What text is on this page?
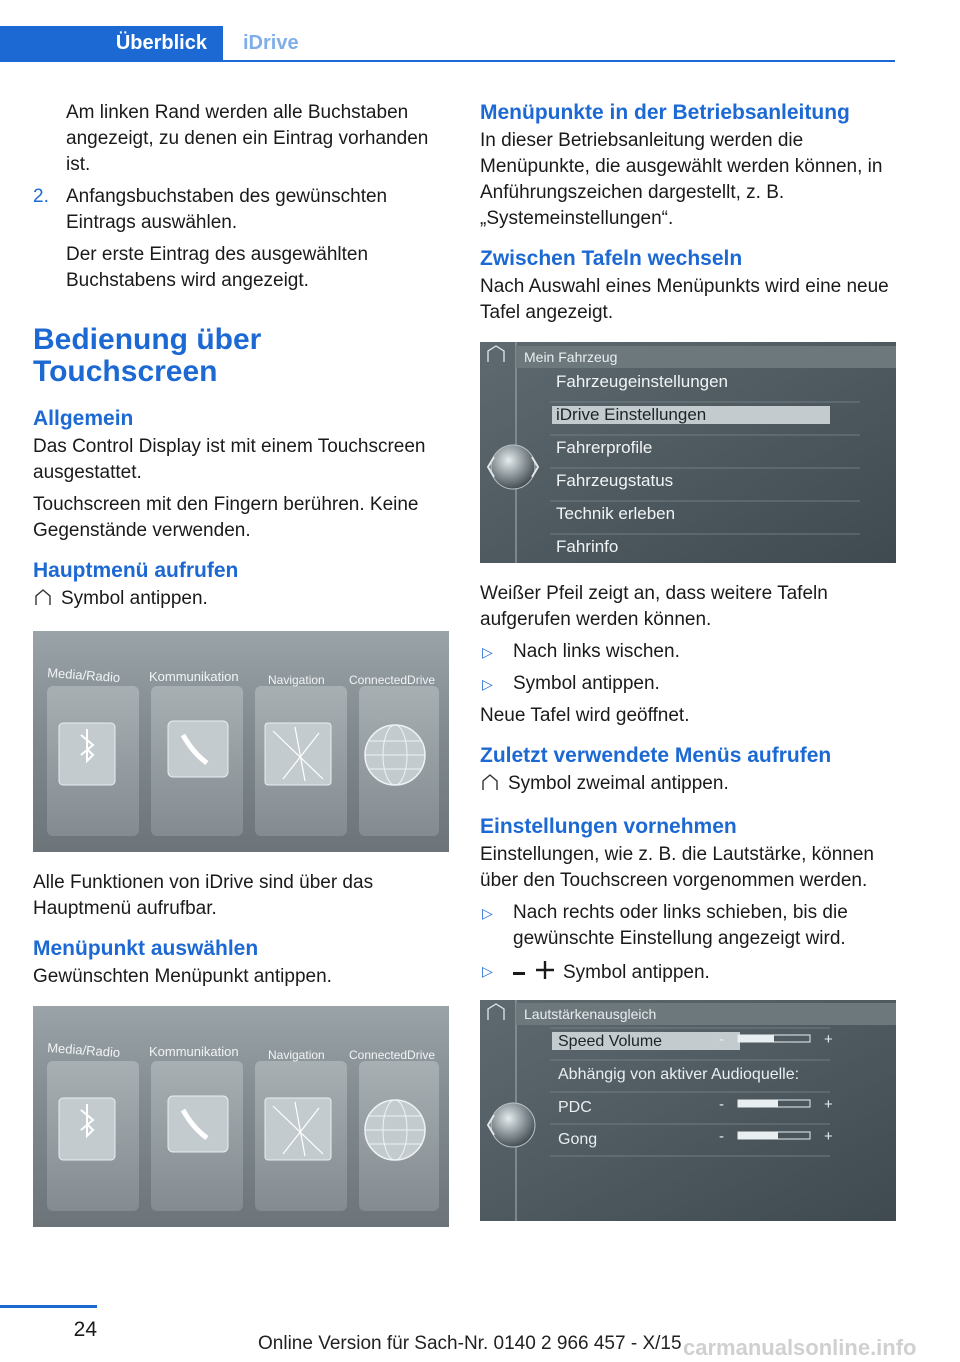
Überblick	iDrive

Am linken Rand werden alle Buchstaben angezeigt, zu denen ein Eintrag vorhanden ist.

2. Anfangsbuchstaben des gewünschten Eintrags auswählen.

Der erste Eintrag des ausgewählten Buchstabens wird angezeigt.

Bedienung über
Touchscreen
Allgemein

Das Control Display ist mit einem Touchscreen ausgestattet.

Touchscreen mit den Fingern berühren. Keine Gegenstände verwenden.

Hauptmenü aufrufen

Symbol antippen.

Media/Radio Kommunikation Navigation ConnectedDrive

Alle Funktionen von iDrive sind über das Hauptmenü aufrufbar.

Menüpunkt auswählen

Gewünschten Menüpunkt antippen.

Media/Radio Kommunikation Navigation ConnectedDrive
Menüpunkte in der Betriebsanleitung

In dieser Betriebsanleitung werden die Menüpunkte, die ausgewählt werden können, in Anführungszeichen dargestellt, z. B. „Systemeinstellungen“.

Zwischen Tafeln wechseln

Nach Auswahl eines Menüpunkts wird eine neue Tafel angezeigt.

Mein Fahrzeug
Fahrzeugeinstellungen
iDrive Einstellungen
Fahrerprofile
Fahrzeugstatus
Technik erleben
Fahrinfo

Weißer Pfeil zeigt an, dass weitere Tafeln aufgerufen werden können.

▷ Nach links wischen.
▷ Symbol antippen.

Neue Tafel wird geöffnet.

Zuletzt verwendete Menüs aufrufen

Symbol zweimal antippen.

Einstellungen vornehmen

Einstellungen, wie z. B. die Lautstärke, können über den Touchscreen vorgenommen werden.

▷ Nach rechts oder links schieben, bis die gewünschte Einstellung angezeigt wird.
▷	Symbol antippen.
Lautstärkenausgleich
Speed Volume	-	+
Abhängig von aktiver Audioquelle:
PDC	-	+
Gong	-	+
24
Online Version für Sach-Nr. 0140 2 966 457 - X/15 carmanualsonline.info
